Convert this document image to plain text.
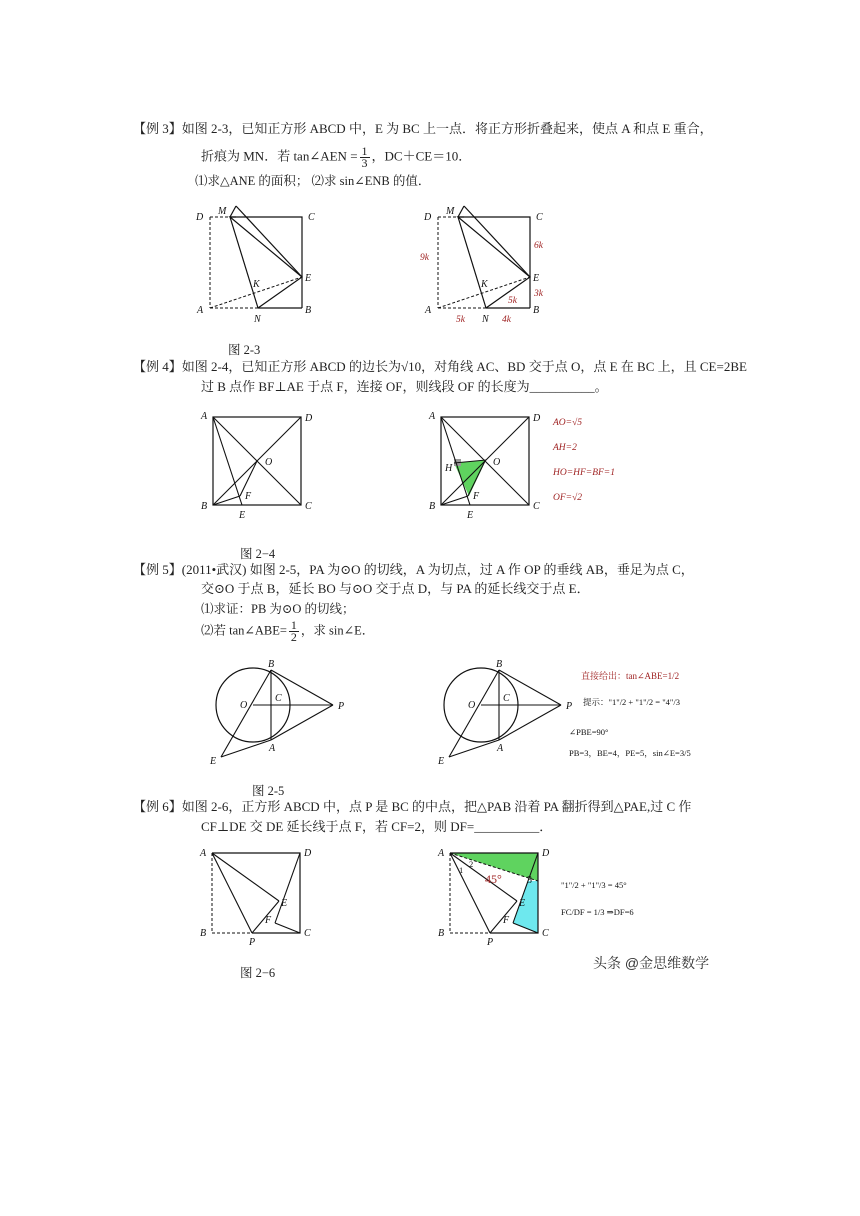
【例 3】如图 2-3，已知正方形 ABCD 中，E 为 BC 上一点．将正方形折叠起来，使点 A 和点 E 重合，
折痕为 MN．若 tan∠AEN = $\frac{1}{3}$ ，DC＋CE＝10．
⑴求△ANE 的面积； ⑵求 sin∠ENB 的值．
D
M
C
K
E
A
N
B
D
M
C
K
E
A
N
B
9k
6k
3k
5k
5k	4k
图 2-3
【例 4】如图 2-4，已知正方形 ABCD 的边长为√10，对角线 AC、BD 交于点 O，点 E 在 BC 上，且 CE=2BE
过 B 点作 BF⊥AE 于点 F，连接 OF，则线段 OF 的长度为__________。
A	D
O
F
B
E
C
A	D
O
H
F
B
E
C
AO=√5
AH=2
HO=HF=BF=1
OF=√2
图 2−4
【例 5】(2011•武汉) 如图 2-5，PA 为⊙O 的切线，A 为切点，过 A 作 OP 的垂线 AB，垂足为点 C，
交⊙O 于点 B，延长 BO 与⊙O 交于点 D，与 PA 的延长线交于点 E．
⑴求证：PB 为⊙O 的切线；
⑵若 tan∠ABE= $\frac{1}{2}$ ，求 sin∠E．
B
O
C
P
A
E
B
O
C
P
A
E
直接给出：tan∠ABE=1/2
提示："1"/2 + "1"/2 = "4"/3
∠PBE=90°
PB=3，BE=4，PE=5，sin∠E=3/5
图 2-5
【例 6】如图 2-6，正方形 ABCD 中，点 P 是 BC 的中点，把△PAB 沿着 PA 翻折得到△PAE,过 C 作
CF⊥DE 交 DE 延长线于点 F，若 CF=2，则 DF=__________．
A	D
E
F
B
P
C
A	D
E
F
B
P
C
1
2
3
45°	"1"/2 + "1"/3 = 45°
FC/DF = 1/3 ⇒DF=6
头条 @金思维数学
图 2−6
